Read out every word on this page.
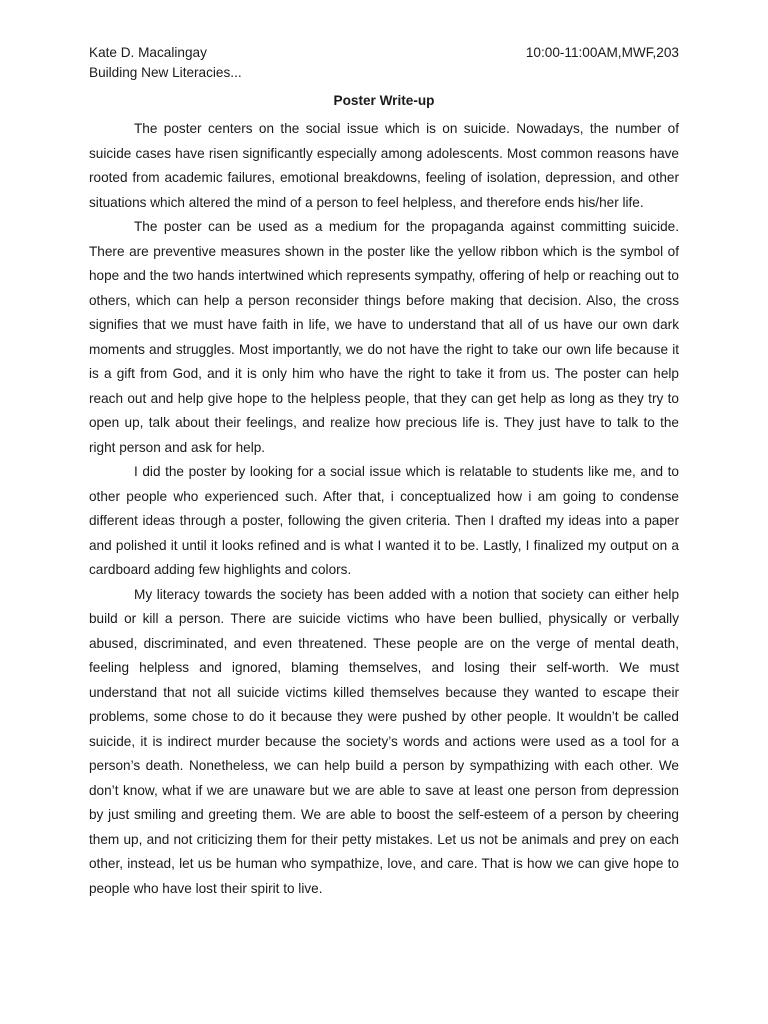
Kate D. Macalingay
Building New Literacies...
10:00-11:00AM,MWF,203
Poster Write-up

The poster centers on the social issue which is on suicide. Nowadays, the number of suicide cases have risen significantly especially among adolescents. Most common reasons have rooted from academic failures, emotional breakdowns, feeling of isolation, depression, and other situations which altered the mind of a person to feel helpless, and therefore ends his/her life.

The poster can be used as a medium for the propaganda against committing suicide. There are preventive measures shown in the poster like the yellow ribbon which is the symbol of hope and the two hands intertwined which represents sympathy, offering of help or reaching out to others, which can help a person reconsider things before making that decision. Also, the cross signifies that we must have faith in life, we have to understand that all of us have our own dark moments and struggles. Most importantly, we do not have the right to take our own life because it is a gift from God, and it is only him who have the right to take it from us. The poster can help reach out and help give hope to the helpless people, that they can get help as long as they try to open up, talk about their feelings, and realize how precious life is. They just have to talk to the right person and ask for help.

I did the poster by looking for a social issue which is relatable to students like me, and to other people who experienced such. After that, i conceptualized how i am going to condense different ideas through a poster, following the given criteria. Then I drafted my ideas into a paper and polished it until it looks refined and is what I wanted it to be. Lastly, I finalized my output on a cardboard adding few highlights and colors.

My literacy towards the society has been added with a notion that society can either help build or kill a person. There are suicide victims who have been bullied, physically or verbally abused, discriminated, and even threatened. These people are on the verge of mental death, feeling helpless and ignored, blaming themselves, and losing their self-worth. We must understand that not all suicide victims killed themselves because they wanted to escape their problems, some chose to do it because they were pushed by other people. It wouldn’t be called suicide, it is indirect murder because the society’s words and actions were used as a tool for a person’s death. Nonetheless, we can help build a person by sympathizing with each other. We don’t know, what if we are unaware but we are able to save at least one person from depression by just smiling and greeting them. We are able to boost the self-esteem of a person by cheering them up, and not criticizing them for their petty mistakes. Let us not be animals and prey on each other, instead, let us be human who sympathize, love, and care. That is how we can give hope to people who have lost their spirit to live.
